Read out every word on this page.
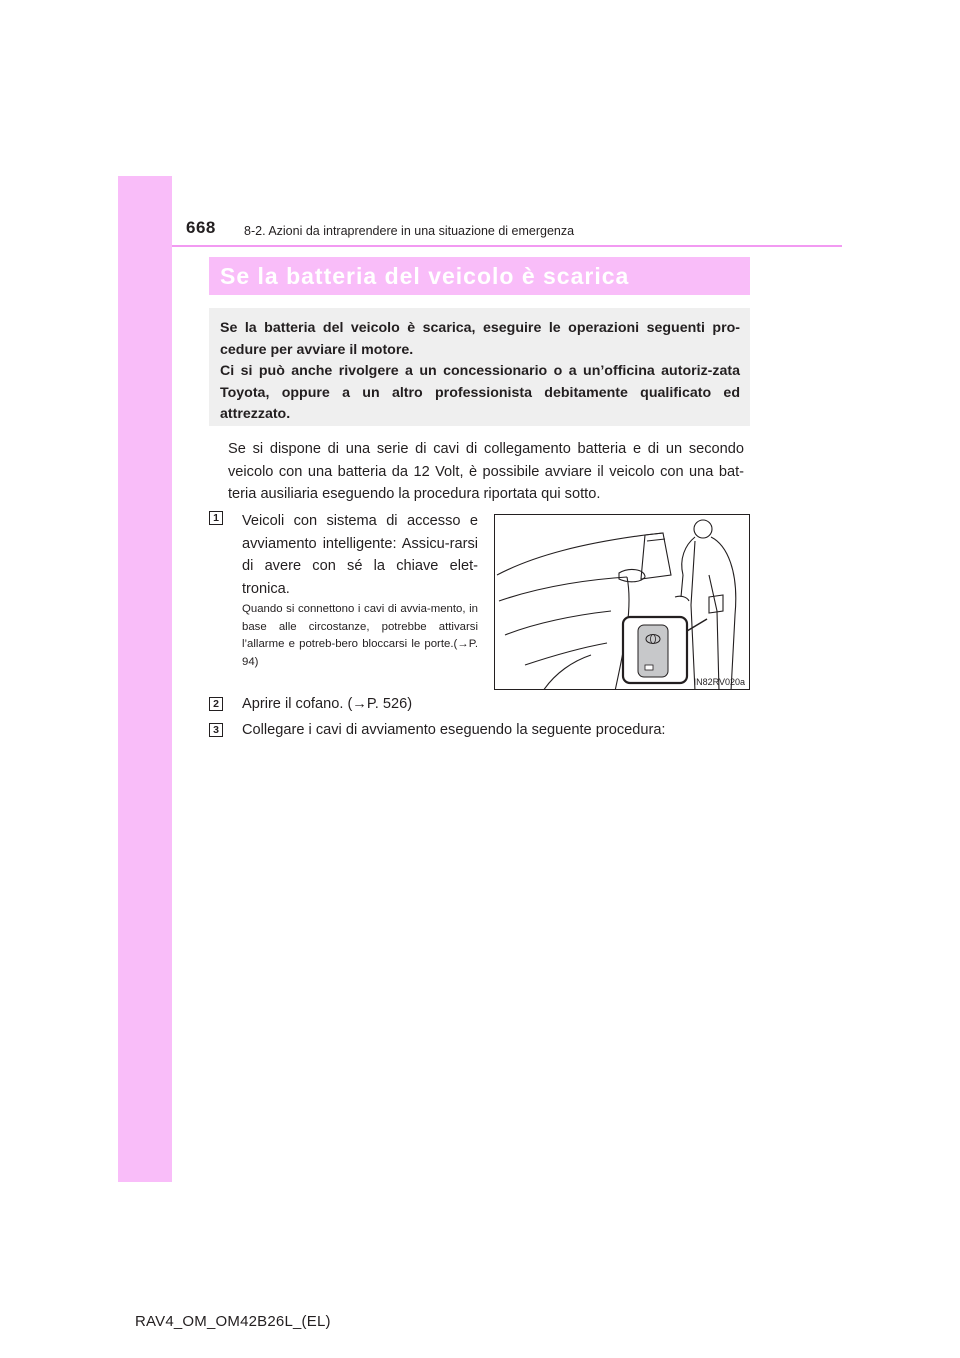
668 8-2. Azioni da intraprendere in una situazione di emergenza
Se la batteria del veicolo è scarica

Se la batteria del veicolo è scarica, eseguire le operazioni seguenti pro-cedure per avviare il motore.

Ci si può anche rivolgere a un concessionario o a un’officina autoriz-zata Toyota, oppure a un altro professionista debitamente qualificato ed attrezzato.

Se si dispone di una serie di cavi di collegamento batteria e di un secondo veicolo con una batteria da 12 Volt, è possibile avviare il veicolo con una bat-teria ausiliaria eseguendo la procedura riportata qui sotto.

1 Veicoli con sistema di accesso e avviamento intelligente: Assicu-rarsi di avere con sé la chiave elet-tronica.

Quando si connettono i cavi di avvia-mento, in base alle circostanze, potrebbe attivarsi l’allarme e potreb-bero bloccarsi le porte.(→P. 94)

IN82RV020a
2 Aprire il cofano. (→P. 526)

3 Collegare i cavi di avviamento eseguendo la seguente procedura:

RAV4_OM_OM42B26L_(EL)
